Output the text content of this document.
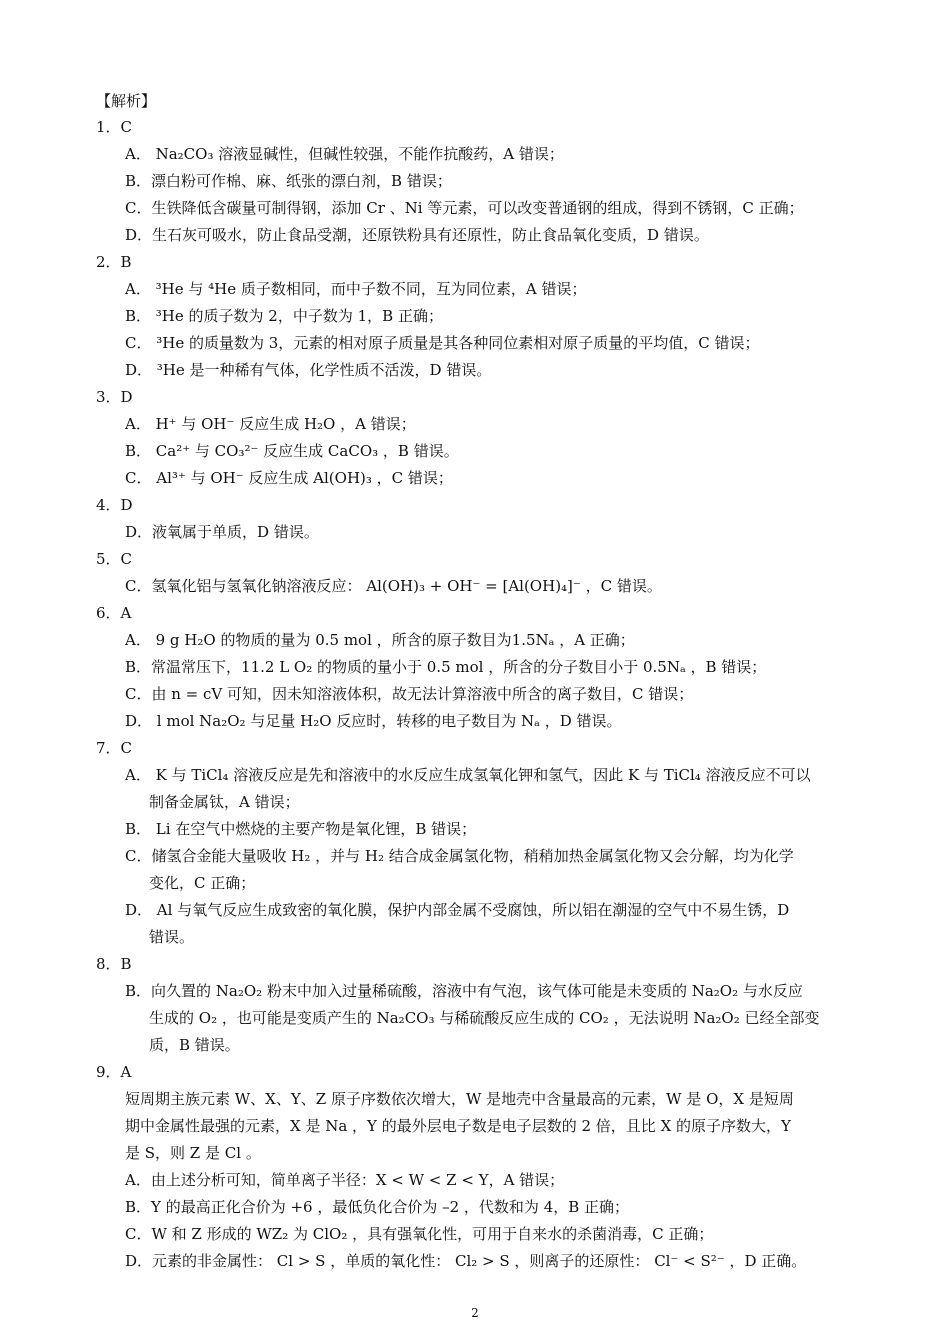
【解析】
1．C
A． Na₂CO₃ 溶液显碱性，但碱性较强，不能作抗酸药，A 错误；
B．漂白粉可作棉、麻、纸张的漂白剂，B 错误；
C．生铁降低含碳量可制得钢，添加 Cr 、Ni 等元素，可以改变普通钢的组成，得到不锈钢，C 正确；
D．生石灰可吸水，防止食品受潮，还原铁粉具有还原性，防止食品氧化变质，D 错误。
2．B
A． ³He 与 ⁴He 质子数相同，而中子数不同，互为同位素，A 错误；
B． ³He 的质子数为 2，中子数为 1，B 正确；
C． ³He 的质量数为 3，元素的相对原子质量是其各种同位素相对原子质量的平均值，C 错误；
D． ³He 是一种稀有气体，化学性质不活泼，D 错误。
3．D
A． H⁺ 与 OH⁻ 反应生成 H₂O ，A 错误；
B． Ca²⁺ 与 CO₃²⁻ 反应生成 CaCO₃ ，B 错误。
C． Al³⁺ 与 OH⁻ 反应生成 Al(OH)₃ ，C 错误；
4．D
D．液氧属于单质，D 错误。
5．C
C．氢氧化铝与氢氧化钠溶液反应： Al(OH)₃ + OH⁻ = [Al(OH)₄]⁻ ，C 错误。
6．A
A． 9 g H₂O 的物质的量为 0.5 mol ，所含的原子数目为1.5Nₐ ，A 正确；
B．常温常压下，11.2 L O₂ 的物质的量小于 0.5 mol ，所含的分子数目小于 0.5Nₐ ，B 错误；
C．由 n = cV 可知，因未知溶液体积，故无法计算溶液中所含的离子数目，C 错误；
D． l mol Na₂O₂ 与足量 H₂O 反应时，转移的电子数目为 Nₐ ，D 错误。
7．C
A． K 与 TiCl₄ 溶液反应是先和溶液中的水反应生成氢氧化钾和氢气，因此 K 与 TiCl₄ 溶液反应不可以
制备金属钛，A 错误；
B． Li 在空气中燃烧的主要产物是氧化锂，B 错误；
C．储氢合金能大量吸收 H₂ ，并与 H₂ 结合成金属氢化物，稍稍加热金属氢化物又会分解，均为化学
变化，C 正确；
D． Al 与氧气反应生成致密的氧化膜，保护内部金属不受腐蚀，所以铝在潮湿的空气中不易生锈，D
错误。
8．B
B．向久置的 Na₂O₂ 粉末中加入过量稀硫酸，溶液中有气泡，该气体可能是未变质的 Na₂O₂ 与水反应
生成的 O₂ ，也可能是变质产生的 Na₂CO₃ 与稀硫酸反应生成的 CO₂ ，无法说明 Na₂O₂ 已经全部变
质，B 错误。
9．A
短周期主族元素 W、X、Y、Z 原子序数依次增大，W 是地壳中含量最高的元素，W 是 O，X 是短周
期中金属性最强的元素，X 是 Na ，Y 的最外层电子数是电子层数的 2 倍，且比 X 的原子序数大，Y
是 S，则 Z 是 Cl 。
A．由上述分析可知，简单离子半径：X < W < Z < Y，A 错误；
B．Y 的最高正化合价为 +6 ，最低负化合价为 –2 ，代数和为 4，B 正确；
C．W 和 Z 形成的 WZ₂ 为 ClO₂ ，具有强氧化性，可用于自来水的杀菌消毒，C 正确；
D．元素的非金属性： Cl > S ，单质的氧化性： Cl₂ > S ，则离子的还原性： Cl⁻ < S²⁻ ，D 正确。
2
